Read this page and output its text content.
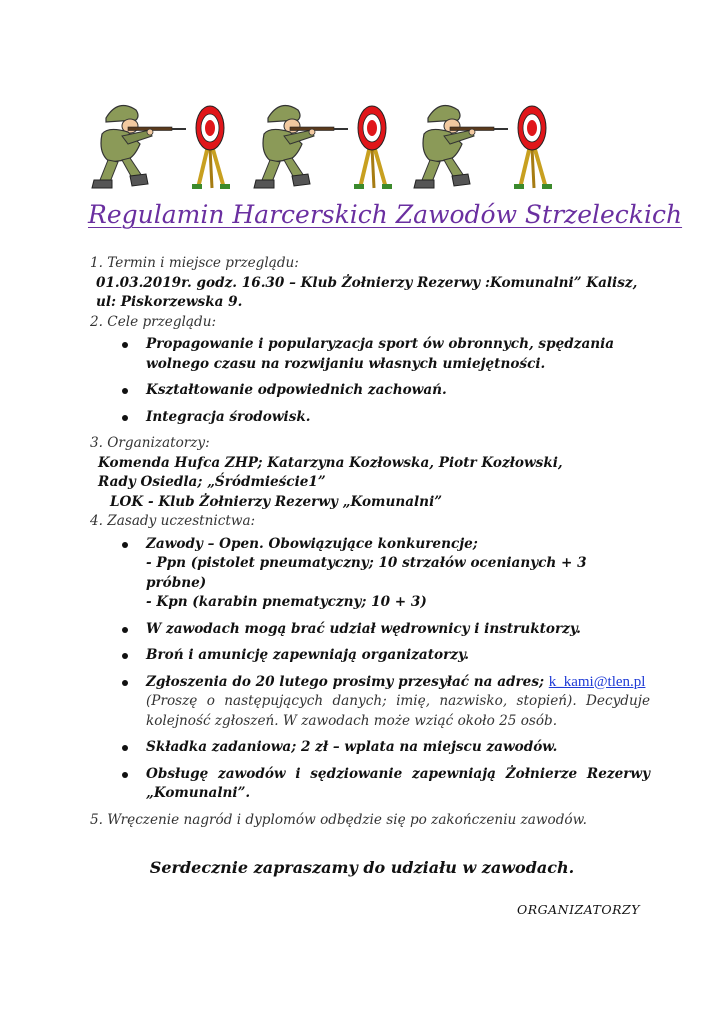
Regulamin Harcerskich Zawodów Strzeleckich

1. Termin i miejsce przeglądu:

01.03.2019r. godz. 16.30 – Klub Żołnierzy Rezerwy :Komunalni” Kalisz,

ul: Piskorzewska 9.

2. Cele przeglądu:

Propagowanie i popularyzacja sport ów obronnych, spędzania wolnego czasu na rozwijaniu własnych umiejętności.
Kształtowanie odpowiednich zachowań.
Integracja środowisk.

3. Organizatorzy:

Komenda Hufca ZHP; Katarzyna Kozłowska, Piotr Kozłowski,

Rady Osiedla; „Śródmieście1”

LOK - Klub Żołnierzy Rezerwy „Komunalni”

4. Zasady uczestnictwa:

Zawody – Open. Obowiązujące konkurencje;
- Ppn (pistolet pneumatyczny; 10 strzałów ocenianych + 3 próbne)
- Kpn (karabin pnematyczny; 10 + 3)
W zawodach mogą brać udział wędrownicy i instruktorzy.
Broń i amunicję zapewniają organizatorzy.
Zgłoszenia do 20 lutego prosimy przesyłać na adres; k_kami@tlen.pl
(Proszę o następujących danych; imię, nazwisko, stopień). Decyduje kolejność zgłoszeń. W zawodach może wziąć około 25 osób.
Składka zadaniowa; 2 zł – wplata na miejscu zawodów.
Obsługę zawodów i sędziowanie zapewniają Żołnierze Rezerwy „Komunalni”.

5. Wręczenie nagród i dyplomów odbędzie się po zakończeniu zawodów.

Serdecznie zapraszamy do udziału w zawodach.
ORGANIZATORZY
